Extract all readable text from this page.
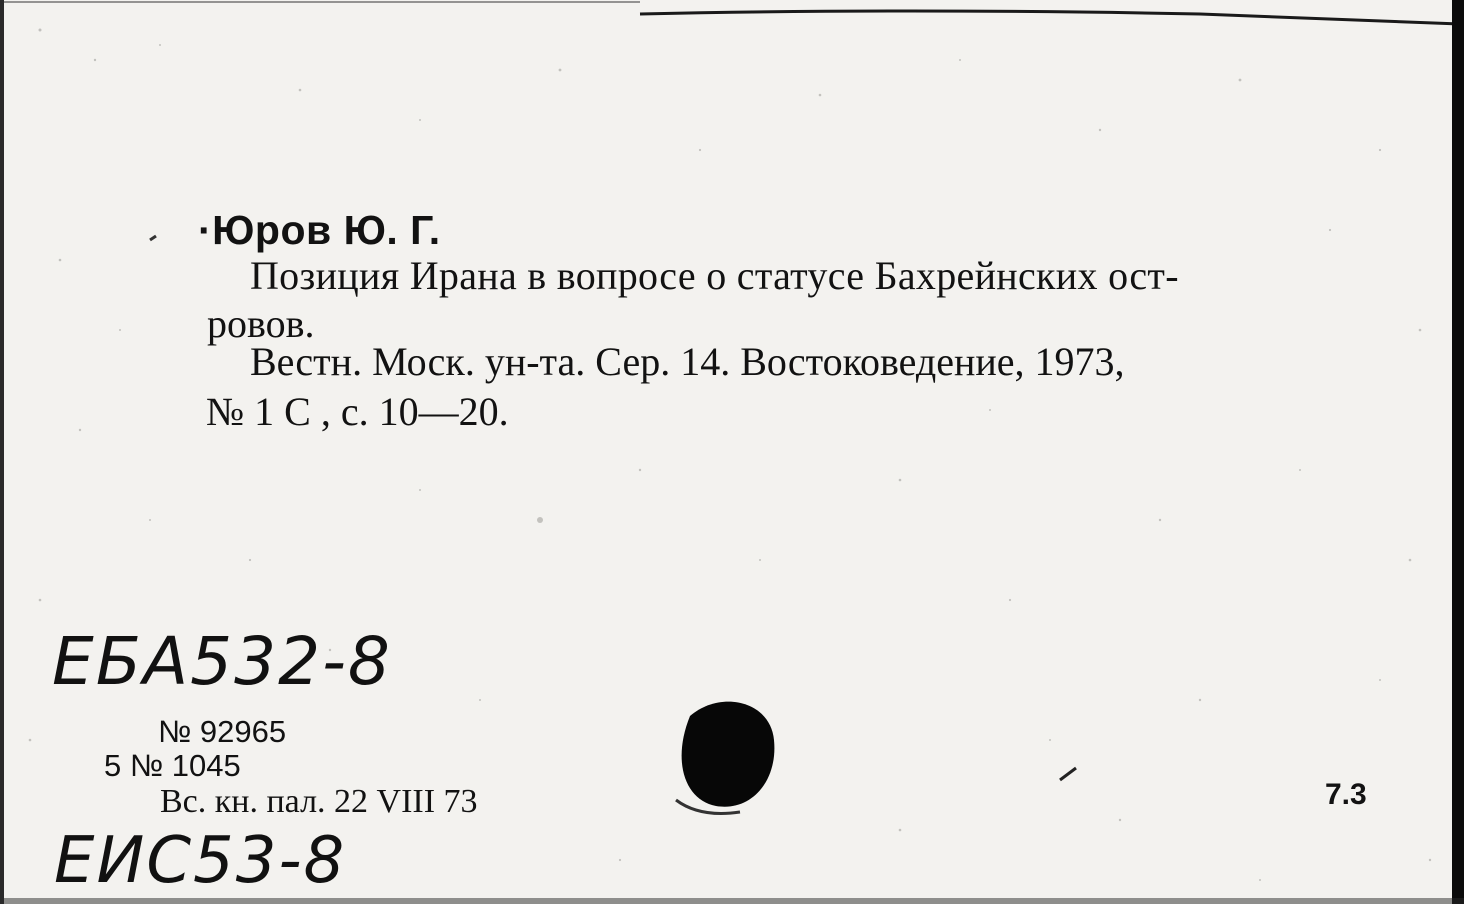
·Юров Ю. Г.
Позиция Ирана в вопросе о статусе Бахрейнских ост-
ровов.
Вестн. Моск. ун-та. Сер. 14. Востоковедение, 1973,
№ 1 С , с. 10—20.
ЕБА532-8
№ 92965
5 № 1045
Вс. кн. пал. 22 VIII 73
ЕИС53-8
7.3
